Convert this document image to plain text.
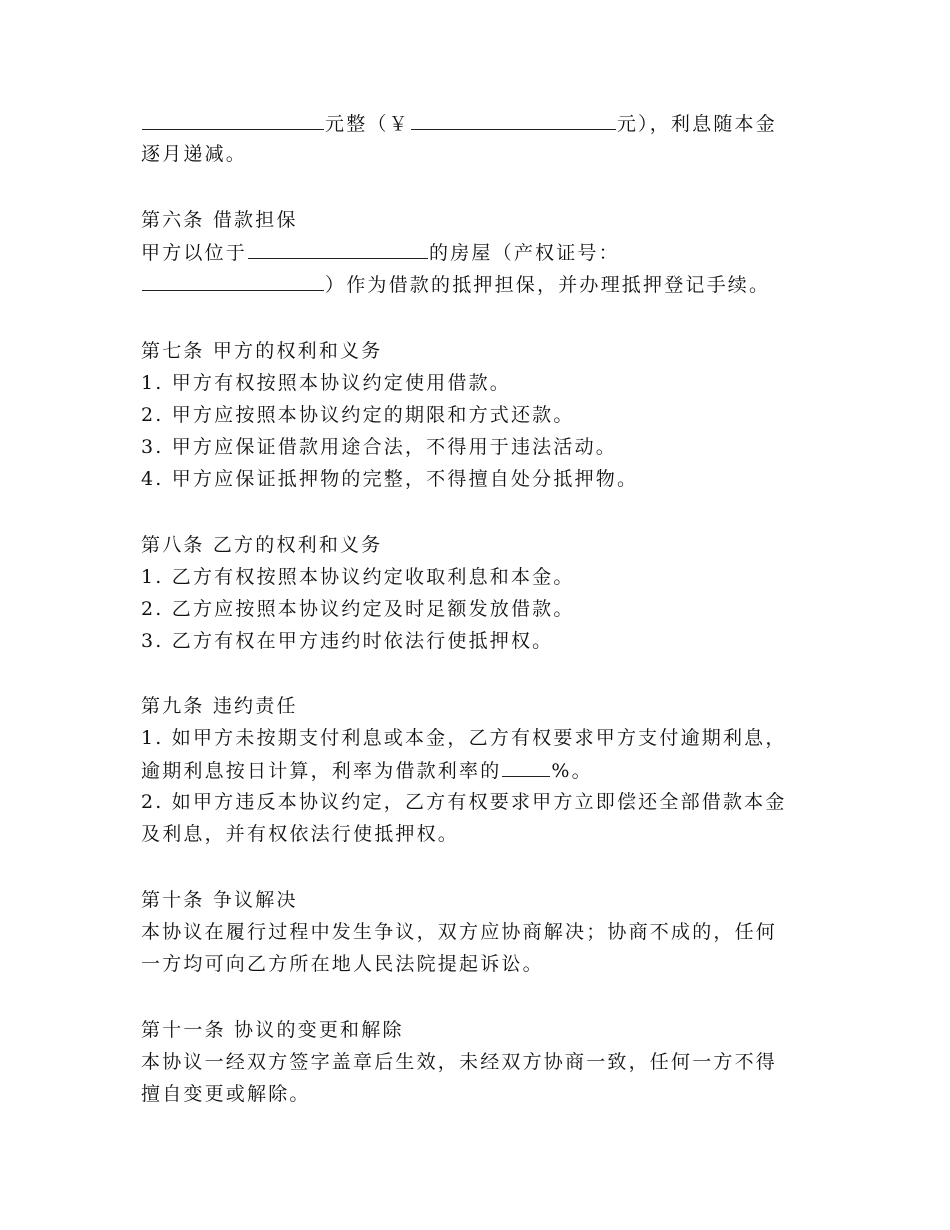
元整（￥	元），利息随本金
逐月递减。
第六条 借款担保
甲方以位于	的房屋（产权证号：
）作为借款的抵押担保，并办理抵押登记手续。
第七条 甲方的权利和义务
1. 甲方有权按照本协议约定使用借款。
2. 甲方应按照本协议约定的期限和方式还款。
3. 甲方应保证借款用途合法，不得用于违法活动。
4. 甲方应保证抵押物的完整，不得擅自处分抵押物。
第八条 乙方的权利和义务
1. 乙方有权按照本协议约定收取利息和本金。
2. 乙方应按照本协议约定及时足额发放借款。
3. 乙方有权在甲方违约时依法行使抵押权。
第九条 违约责任
1. 如甲方未按期支付利息或本金，乙方有权要求甲方支付逾期利息，
逾期利息按日计算，利率为借款利率的	%。
2. 如甲方违反本协议约定，乙方有权要求甲方立即偿还全部借款本金
及利息，并有权依法行使抵押权。
第十条 争议解决
本协议在履行过程中发生争议，双方应协商解决；协商不成的，任何
一方均可向乙方所在地人民法院提起诉讼。
第十一条 协议的变更和解除
本协议一经双方签字盖章后生效，未经双方协商一致，任何一方不得
擅自变更或解除。
